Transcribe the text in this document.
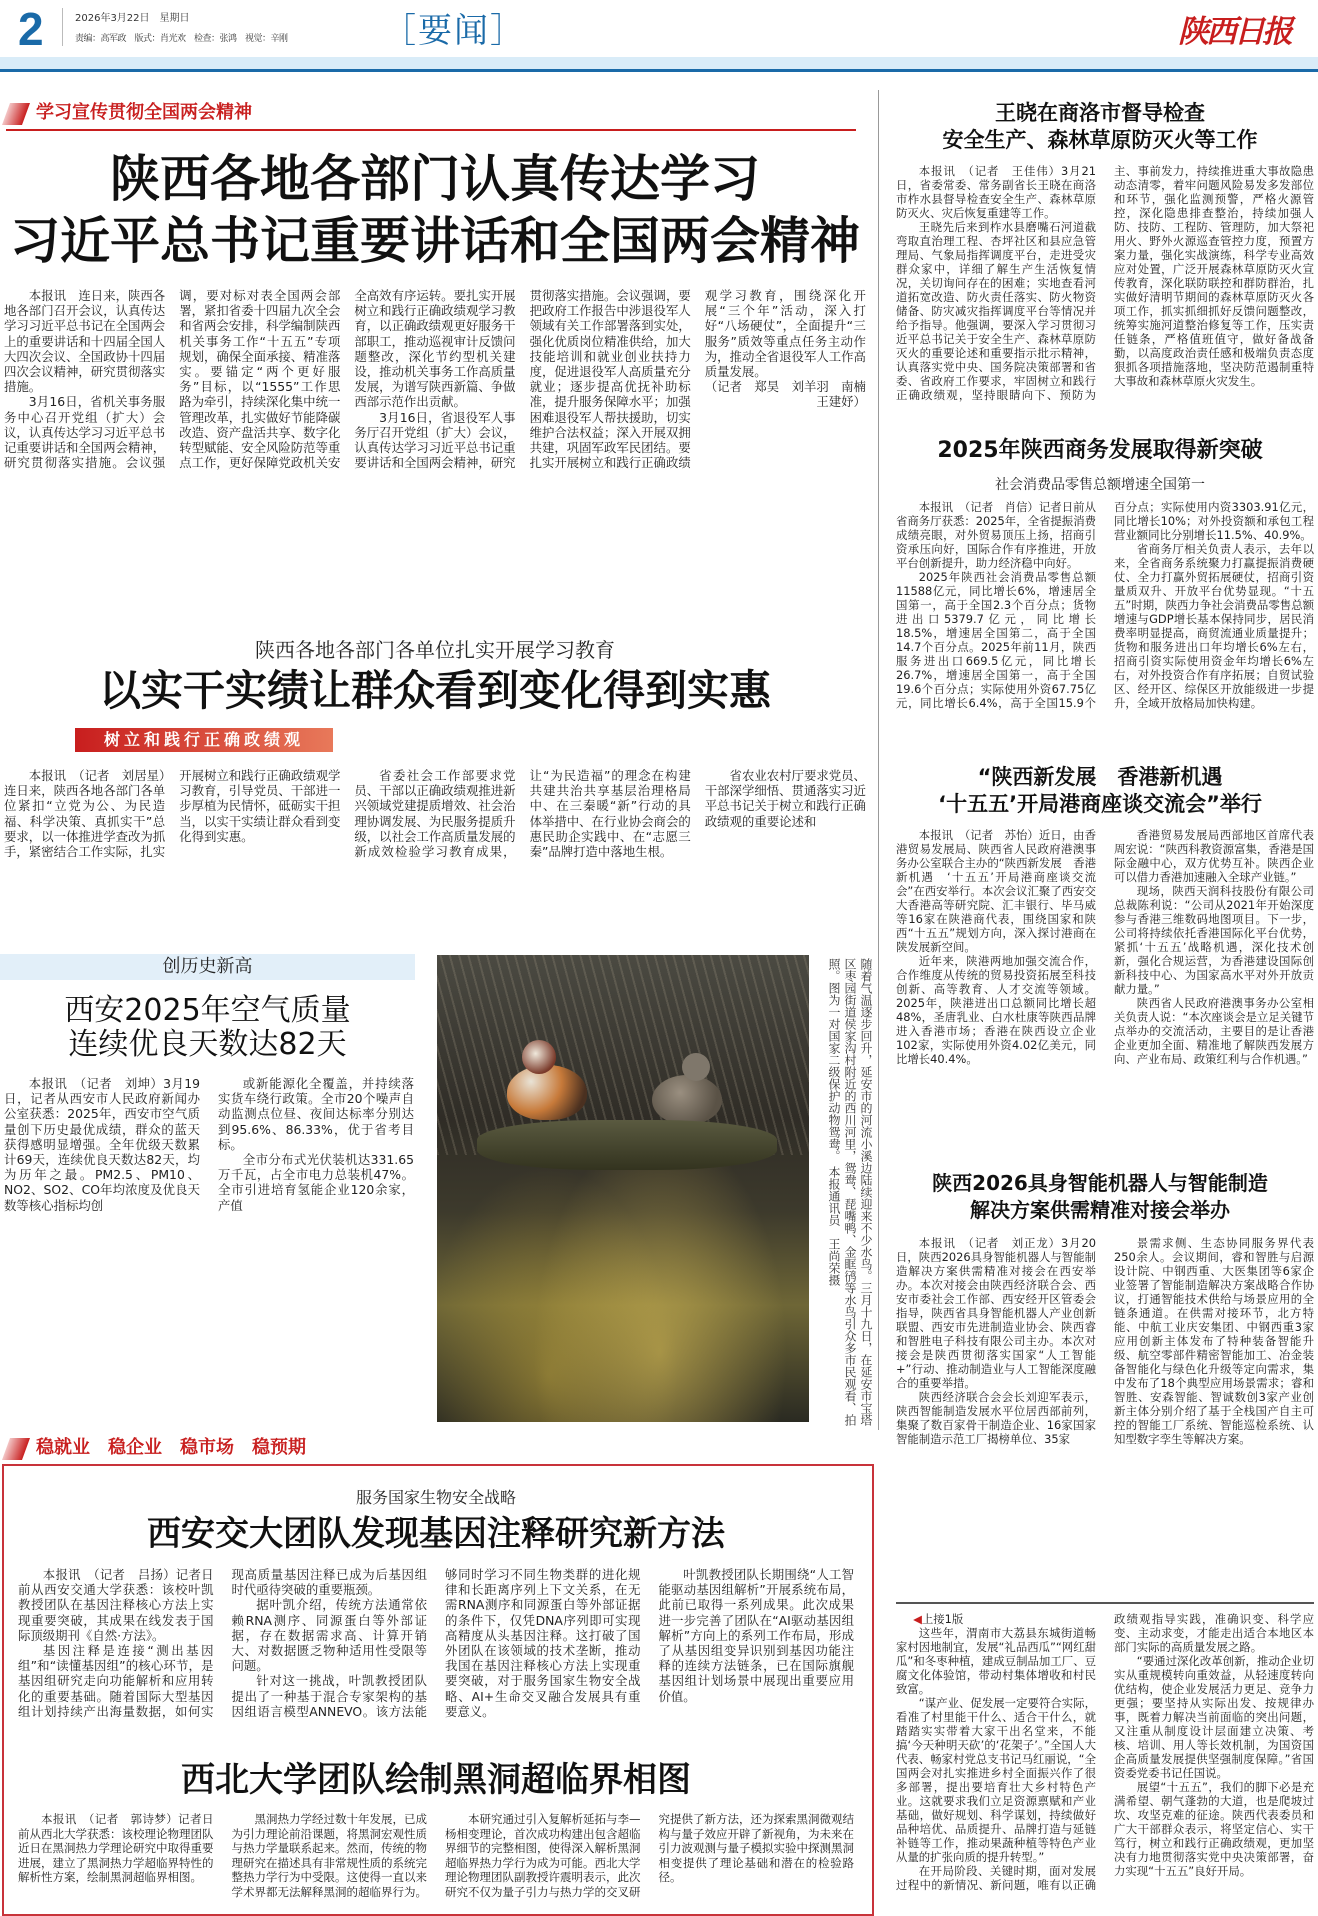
2	2026年3月22日　星期日
责编：高军政　版式：肖光欢　检查：张鸿　视觉：辛刚	［要闻］	陕西日报
学习宣传贯彻全国两会精神
陕西各地各部门认真传达学习
习近平总书记重要讲话和全国两会精神

本报讯　连日来，陕西各地各部门召开会议，认真传达学习习近平总书记在全国两会上的重要讲话和十四届全国人大四次会议、全国政协十四届四次会议精神，研究贯彻落实措施。

3月16日，省机关事务服务中心召开党组（扩大）会议，认真传达学习习近平总书记重要讲话和全国两会精神，研究贯彻落实措施。会议强调，要对标对表全国两会部署，紧扣省委十四届九次全会和省两会安排，科学编制陕西机关事务工作“十五五”专项规划，确保全面承接、精准落实。要锚定“两个更好服务”目标，以“1555”工作思路为牵引，持续深化集中统一管理改革，扎实做好节能降碳改造、资产盘活共享、数字化转型赋能、安全风险防范等重点工作，更好保障党政机关安全高效有序运转。要扎实开展树立和践行正确政绩观学习教育，以正确政绩观更好服务干部职工，推动巡视审计反馈问题整改，深化节约型机关建设，推动机关事务工作高质量发展，为谱写陕西新篇、争做西部示范作出贡献。

3月16日，省退役军人事务厅召开党组（扩大）会议，认真传达学习习近平总书记重要讲话和全国两会精神，研究贯彻落实措施。会议强调，要把政府工作报告中涉退役军人领域有关工作部署落到实处，强化优质岗位精准供给，加大技能培训和就业创业扶持力度，促进退役军人高质量充分就业；逐步提高优抚补助标准，提升服务保障水平；加强困难退役军人帮扶援助，切实维护合法权益；深入开展双拥共建，巩固军政军民团结。要扎实开展树立和践行正确政绩观学习教育，围绕深化开展“三个年”活动，深入打好“八场硬仗”，全面提升“三服务”质效等重点任务主动作为，推动全省退役军人工作高质量发展。

（记者　郑昊　刘羊羽　南楠　王建妤）

陕西各地各部门各单位扎实开展学习教育
以实干实绩让群众看到变化得到实惠
树立和践行正确政绩观

本报讯　（记者　刘居星）连日来，陕西各地各部门各单位紧扣“立党为公、为民造福、科学决策、真抓实干”总要求，以一体推进学查改为抓手，紧密结合工作实际，扎实开展树立和践行正确政绩观学习教育，引导党员、干部进一步厚植为民情怀，砥砺实干担当，以实干实绩让群众看到变化得到实惠。

省委社会工作部要求党员、干部以正确政绩观推进新兴领域党建提质增效、社会治理协调发展、为民服务提质升级，以社会工作高质量发展的新成效检验学习教育成果，让“为民造福”的理念在构建共建共治共享基层治理格局中、在三秦暖“新”行动的具体举措中、在行业协会商会的惠民助企实践中、在“志愿三秦”品牌打造中落地生根。

省农业农村厅要求党员、干部深学细悟、贯通落实习近平总书记关于树立和践行正确政绩观的重要论述和

创历史新高
西安2025年空气质量
连续优良天数达82天

本报讯　（记者　刘坤）3月19日，记者从西安市人民政府新闻办公室获悉：2025年，西安市空气质量创下历史最优成绩，群众的蓝天获得感明显增强。全年优级天数累计69天，连续优良天数达82天，均为历年之最。PM2.5、PM10、NO2、SO2、CO年均浓度及优良天数等核心指标均创

或新能源化全覆盖，并持续落实货车绕行政策。全市20个噪声自动监测点位昼、夜间达标率分别达到95.6%、86.33%，优于省考目标。

全市分布式光伏装机达331.65万千瓦，占全市电力总装机47%。全市引进培育氢能企业120余家，产值	随着气温逐步回升，延安市的河流小溪边陆续迎来不少水鸟。三月十九日，在延安市宝塔区枣园街道侯家沟村附近的西川河里，鸳鸯、琵嘴鸭、金眶鸻等水鸟引众多市民观看、拍照。图为一对国家二级保护动物鸳鸯。 本报通讯员　王尚荣摄
稳就业　稳企业　稳市场　稳预期
服务国家生物安全战略
西安交大团队发现基因注释研究新方法

本报讯　（记者　吕扬）记者日前从西安交通大学获悉：该校叶凯教授团队在基因注释核心方法上实现重要突破，其成果在线发表于国际顶级期刊《自然·方法》。

基因注释是连接“测出基因组”和“读懂基因组”的核心环节，是基因组研究走向功能解析和应用转化的重要基础。随着国际大型基因组计划持续产出海量数据，如何实现高质量基因注释已成为后基因组时代亟待突破的重要瓶颈。

据叶凯介绍，传统方法通常依赖RNA测序、同源蛋白等外部证据，存在数据需求高、计算开销大、对数据匮乏物种适用性受限等问题。

针对这一挑战，叶凯教授团队提出了一种基于混合专家架构的基因组语言模型ANNEVO。该方法能够同时学习不同生物类群的进化规律和长距离序列上下文关系，在无需RNA测序和同源蛋白等外部证据的条件下，仅凭DNA序列即可实现高精度从头基因注释。这打破了国外团队在该领域的技术垄断，推动我国在基因注释核心方法上实现重要突破，对于服务国家生物安全战略、AI+生命交叉融合发展具有重要意义。

叶凯教授团队长期围绕“人工智能驱动基因组解析”开展系统布局，此前已取得一系列成果。此次成果进一步完善了团队在“AI驱动基因组解析”方向上的系列工作布局，形成了从基因组变异识别到基因功能注释的连续方法链条，已在国际旗舰基因组计划场景中展现出重要应用价值。

西北大学团队绘制黑洞超临界相图

本报讯　（记者　郭诗梦）记者日前从西北大学获悉：该校理论物理团队近日在黑洞热力学理论研究中取得重要进展，建立了黑洞热力学超临界特性的解析性方案，绘制黑洞超临界相图。

黑洞热力学经过数十年发展，已成为引力理论前沿课题，将黑洞宏观性质与热力学量联系起来。然而，传统的物理研究在描述具有非常规性质的系统完整热力学行为中受限。这使得一直以来学术界都无法解释黑洞的超临界行为。

本研究通过引入复解析延拓与李—杨相变理论，首次成功构建出包含超临界细节的完整相图，使得深入解析黑洞超临界热力学行为成为可能。西北大学理论物理团队副教授许震明表示，此次研究不仅为量子引力与热力学的交叉研究提供了新方法，还为探索黑洞微观结构与量子效应开辟了新视角，为未来在引力波观测与量子模拟实验中探测黑洞相变提供了理论基础和潜在的检验路径。

王晓在商洛市督导检查
安全生产、森林草原防灭火等工作

本报讯　（记者　王佳伟）3月21日，省委常委、常务副省长王晓在商洛市柞水县督导检查安全生产、森林草原防灭火、灾后恢复重建等工作。

王晓先后来到柞水县磨嘴石河道截弯取直治理工程、杏坪社区和县应急管理局、气象局指挥调度平台，走进受灾群众家中，详细了解生产生活恢复情况，关切询问存在的困难；实地查看河道拓宽改造、防火责任落实、防火物资储备、防灾减灾指挥调度平台等情况并给予指导。他强调，要深入学习贯彻习近平总书记关于安全生产、森林草原防灭火的重要论述和重要指示批示精神，认真落实党中央、国务院决策部署和省委、省政府工作要求，牢固树立和践行正确政绩观，坚持眼睛向下、预防为主、事前发力，持续推进重大事故隐患动态清零，着牢问题风险易发多发部位和环节，强化监测预警，严格火源管控，深化隐患排查整治，持续加强人防、技防、工程防、管理防，加大祭祀用火、野外火源巡查管控力度，预置方案力量，强化实战演练，科学专业高效应对处置，广泛开展森林草原防灭火宣传教育，深化联防联控和群防群治，扎实做好清明节期间的森林草原防灭火各项工作，抓实抓细抓好反馈问题整改，统筹实施河道整治修复等工作，压实责任链条，严格值班值守，做好备战备勤，以高度政治责任感和极端负责态度狠抓各项措施落地，坚决防范遏制重特大事故和森林草原火灾发生。

2025年陕西商务发展取得新突破
社会消费品零售总额增速全国第一

本报讯　（记者　肖信）记者日前从省商务厅获悉：2025年，全省提振消费成绩亮眼，对外贸易顶压上扬，招商引资承压向好，国际合作有序推进，开放平台创新提升，助力经济稳中向好。

2025年陕西社会消费品零售总额11588亿元，同比增长6%，增速居全国第一，高于全国2.3个百分点；货物进出口5379.7亿元，同比增长18.5%，增速居全国第二，高于全国14.7个百分点。2025年前11月，陕西服务进出口669.5亿元，同比增长26.7%，增速居全国第一，高于全国19.6个百分点；实际使用外资67.75亿元，同比增长6.4%，高于全国15.9个百分点；实际使用内资3303.91亿元，同比增长10%；对外投资额和承包工程营业额同比分别增长11.5%、40.9%。

省商务厅相关负责人表示，去年以来，全省商务系统聚力打赢提振消费硬仗、全力打赢外贸拓展硬仗，招商引资量质双升、开放平台优势显现。“十五五”时期，陕西力争社会消费品零售总额增速与GDP增长基本保持同步，居民消费率明显提高，商贸流通业质量提升；货物和服务进出口年均增长6%左右，招商引资实际使用资金年均增长6%左右，对外投资合作有序拓展；自贸试验区、经开区、综保区开放能级进一步提升，全域开放格局加快构建。

“陕西新发展　香港新机遇
‘十五五’开局港商座谈交流会”举行

本报讯　（记者　苏怡）近日，由香港贸易发展局、陕西省人民政府港澳事务办公室联合主办的“陕西新发展　香港新机遇　‘十五五’开局港商座谈交流会”在西安举行。本次会议汇聚了西安交大香港高等研究院、汇丰银行、毕马威等16家在陕港商代表，围绕国家和陕西“十五五”规划方向，深入探讨港商在陕发展新空间。

近年来，陕港两地加强交流合作，合作维度从传统的贸易投资拓展至科技创新、高等教育、人才交流等领域。2025年，陕港进出口总额同比增长超48%，圣唐乳业、白水杜康等陕西品牌进入香港市场；香港在陕西设立企业102家，实际使用外资4.02亿美元，同比增长40.4%。

香港贸易发展局西部地区首席代表周宏说：“陕西科教资源富集，香港是国际金融中心，双方优势互补。陕西企业可以借力香港加速融入全球产业链。”

现场，陕西天润科技股份有限公司总裁陈利说：“公司从2021年开始深度参与香港三维数码地图项目。下一步，公司将持续依托香港国际化平台优势，紧抓‘十五五’战略机遇，深化技术创新，强化合规运营，为香港建设国际创新科技中心、为国家高水平对外开放贡献力量。”

陕西省人民政府港澳事务办公室相关负责人说：“本次座谈会是立足关键节点举办的交流活动，主要目的是让香港企业更加全面、精准地了解陕西发展方向、产业布局、政策红利与合作机遇。”

陕西2026具身智能机器人与智能制造
解决方案供需精准对接会举办

本报讯　（记者　刘正龙）3月20日，陕西2026具身智能机器人与智能制造解决方案供需精准对接会在西安举办。本次对接会由陕西经济联合会、西安市委社会工作部、西安经开区管委会指导，陕西省具身智能机器人产业创新联盟、西安市先进制造业协会、陕西睿和智胜电子科技有限公司主办。本次对接会是陕西贯彻落实国家“人工智能+”行动、推动制造业与人工智能深度融合的重要举措。

陕西经济联合会会长刘迎军表示，陕西智能制造发展水平位居西部前列，集聚了数百家骨干制造企业、16家国家智能制造示范工厂揭榜单位、35家

景需求侧、生态协同服务界代表250余人。会议期间，睿和智胜与启源设计院、中钢西重、大医集团等6家企业签署了智能制造解决方案战略合作协议，打通智能技术供给与场景应用的全链条通道。在供需对接环节，北方特能、中航工业庆安集团、中钢西重3家应用创新主体发布了特种装备智能升级、航空零部件精密智能加工、冶金装备智能化与绿色化升级等定向需求，集中发布了18个典型应用场景需求；睿和智胜、安森智能、智诚数创3家产业创新主体分别介绍了基于全栈国产自主可控的智能工厂系统、智能巡检系统、认知型数字孪生等解决方案。

◀上接1版

这些年，渭南市大荔县东城街道畅家村因地制宜，发展“礼品西瓜”“网红甜瓜”和冬枣种植，建成豆制品加工厂、豆腐文化体验馆，带动村集体增收和村民致富。

“谋产业、促发展一定要符合实际，看准了村里能干什么、适合干什么，就踏踏实实带着大家干出名堂来，不能搞‘今天种明天砍’的‘花架子’。”全国人大代表、畅家村党总支书记马红丽说，“全国两会对扎实推进乡村全面振兴作了很多部署，提出要培育壮大乡村特色产业。这就要求我们立足资源禀赋和产业基础，做好规划、科学谋划，持续做好品种培优、品质提升、品牌打造与延链补链等工作，推动果蔬种植等特色产业从量的扩张向质的提升转型。”

在开局阶段、关键时期，面对发展过程中的新情况、新问题，唯有以正确政绩观指导实践，准确识变、科学应变、主动求变，才能走出适合本地区本部门实际的高质量发展之路。

“要通过深化改革创新，推动企业切实从重规模转向重效益，从轻速度转向优结构，使企业发展活力更足、竞争力更强；要坚持从实际出发、按规律办事，既着力解决当前面临的突出问题，又注重从制度设计层面建立决策、考核、培训、用人等长效机制，为国资国企高质量发展提供坚强制度保障。”省国资委党委书记任国说。

展望“十五五”，我们的脚下必是充满希望、朝气蓬勃的大道，也是爬坡过坎、攻坚克难的征途。陕西代表委员和广大干部群众表示，将坚定信心、实干笃行，树立和践行正确政绩观，更加坚决有力地贯彻落实党中央决策部署，奋力实现“十五五”良好开局。
